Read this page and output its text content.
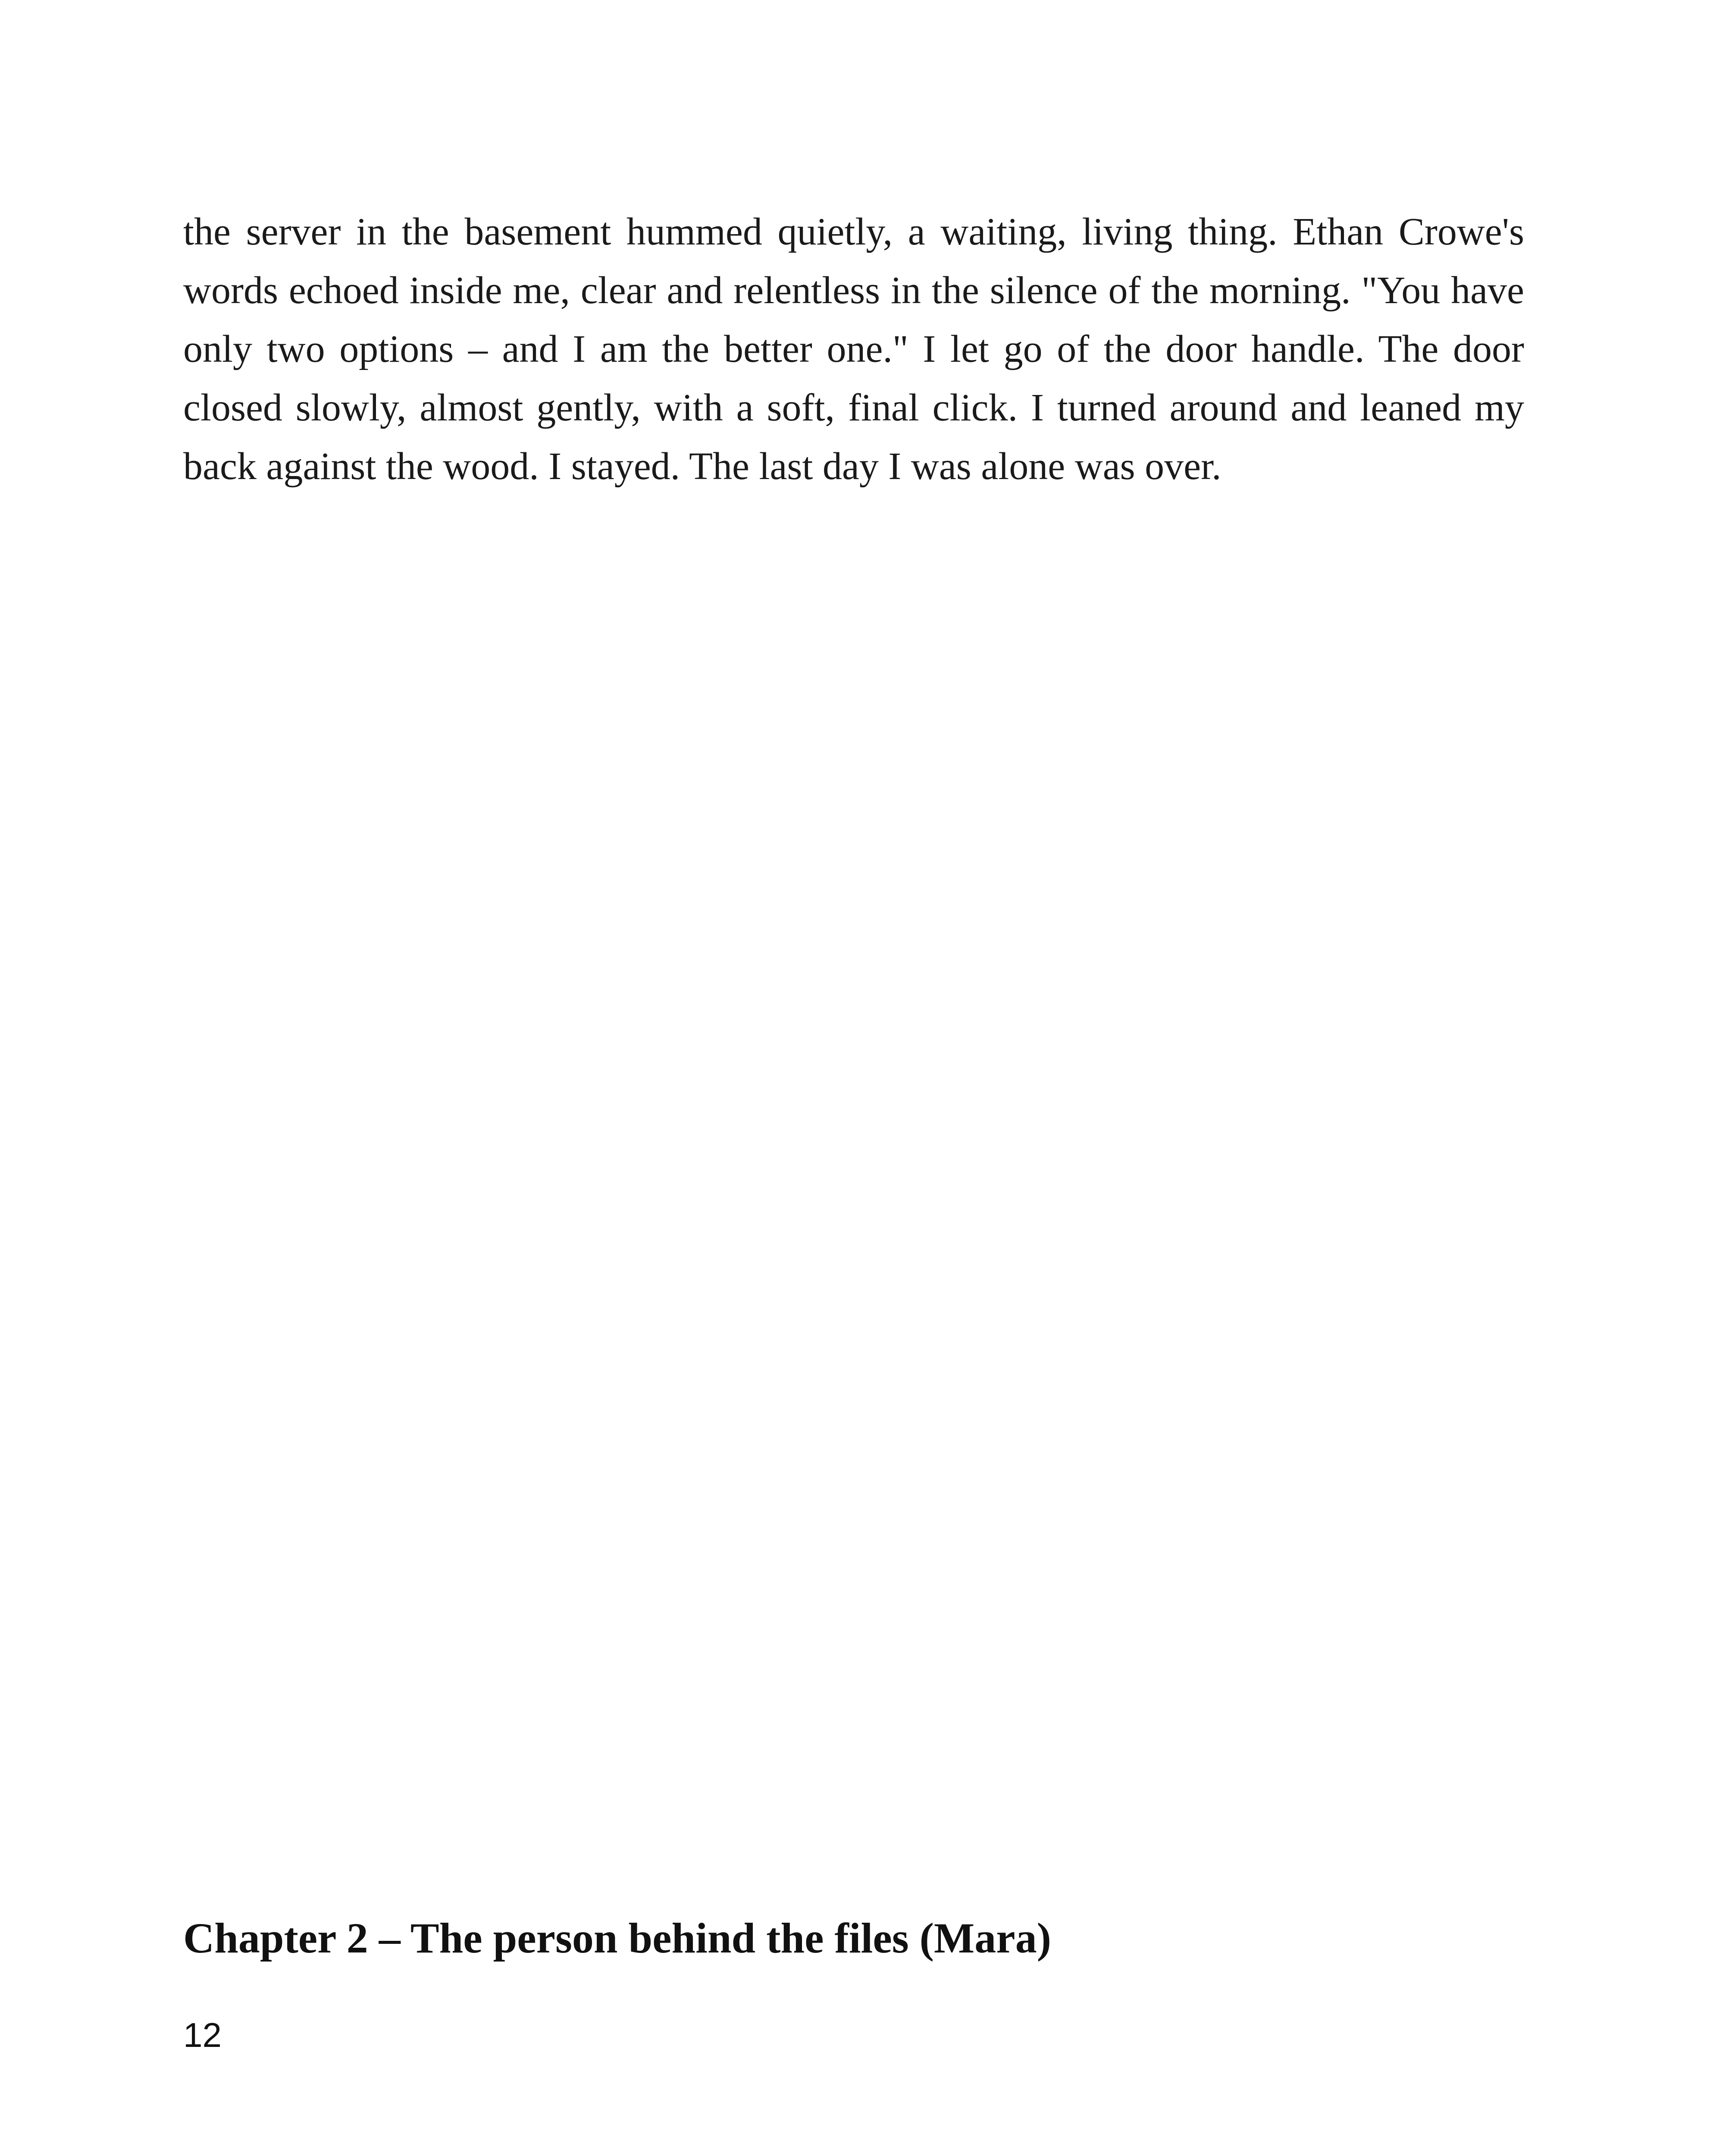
the server in the basement hummed quietly, a waiting, living thing. Ethan Crowe's words echoed inside me, clear and relentless in the silence of the morning. "You have only two options – and I am the better one." I let go of the door handle. The door closed slowly, almost gently, with a soft, final click. I turned around and leaned my back against the wood. I stayed. The last day I was alone was over.

Chapter 2 – The person behind the files (Mara)
12
